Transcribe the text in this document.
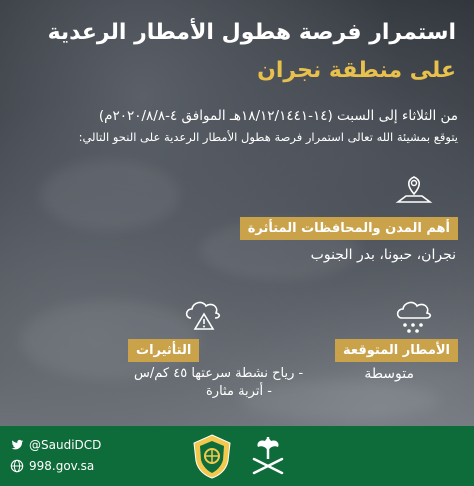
استمرار فرصة هطول الأمطار الرعدية
على منطقة نجران
من الثلاثاء إلى السبت (١٤-١٨/١٢/١٤٤١هـ الموافق ٤-٢٠٢٠/٨/٨م)
يتوقع بمشيئة الله تعالى استمرار فرصة هطول الأمطار الرعدية على النحو التالي:
أهم المدن والمحافظات المتأثرة
نجران، حبونا، بدر الجنوب
الأمطار المتوقعة
متوسطة
التأثيرات
- رياح نشطة سرعتها ٤٥ كم/س
- أتربة مثارة
@SaudiDCD
998.gov.sa
